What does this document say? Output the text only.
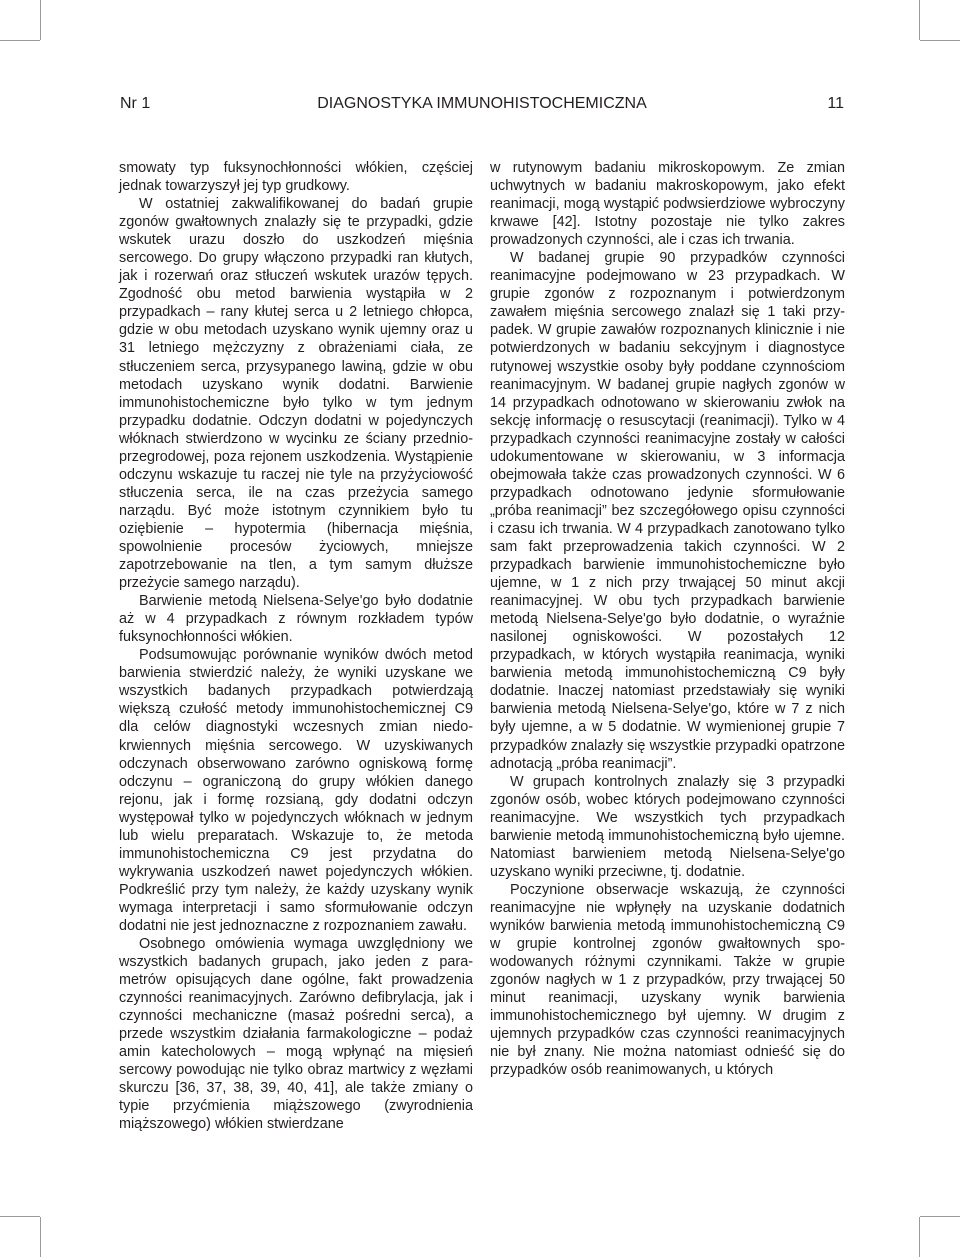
Nr 1	DIAGNOSTYKA IMMUNOHISTOCHEMICZNA	11

smowaty typ fuksynochłonności włókien, częściej jednak towarzyszył jej typ grudkowy.

W ostatniej zakwalifikowanej do badań grupie zgonów gwałtownych znalazły się te przypadki, gdzie wskutek urazu doszło do uszkodzeń mięśnia sercowego. Do grupy włączono przypadki ran kłutych, jak i rozerwań oraz stłuczeń wskutek urazów tępych. Zgodność obu metod barwienia wystąpiła w 2 przypadkach – rany kłutej serca u 2 letniego chłopca, gdzie w obu metodach uzyskano wynik ujemny oraz u 31 letniego mężczyzny z obrażeniami ciała, ze stłuczeniem serca, przysypanego lawiną, gdzie w obu metodach uzyskano wynik dodatni. Barwienie immunohistochemiczne było tylko w tym jednym przypadku dodatnie. Odczyn dodatni w pojedynczych włóknach stwierdzono w wycinku ze ściany przednio-przegrodowej, poza rejonem uszkodzenia. Wystąpienie odczynu wskazuje tu raczej nie tyle na przyżyciowość stłuczenia serca, ile na czas przeżycia samego narządu. Być może istotnym czynnikiem było tu oziębienie – hypotermia (hibernacja mięśnia, spowolnienie procesów życiowych, mniejsze zapotrzebowanie na tlen, a tym samym dłuższe przeżycie samego narządu).

Barwienie metodą Nielsena-Selye'go było dodatnie aż w 4 przypadkach z równym rozkładem typów fuksynochłonności włókien.

Podsumowując porównanie wyników dwóch metod barwienia stwierdzić należy, że wyniki uzyskane we wszystkich badanych przypadkach potwierdzają większą czułość metody immunohistochemicznej C9 dla celów diagnostyki wczesnych zmian niedokrwiennych mięśnia sercowego. W uzyskiwanych odczynach obserwowano zarówno ogniskową formę odczynu – ograniczoną do grupy włókien danego rejonu, jak i formę rozsianą, gdy dodatni odczyn występował tylko w pojedynczych włóknach w jednym lub wielu preparatach. Wskazuje to, że metoda immunohistochemiczna C9 jest przydatna do wykrywania uszkodzeń nawet pojedynczych włókien. Podkreślić przy tym należy, że każdy uzyskany wynik wymaga interpretacji i samo sformułowanie odczyn dodatni nie jest jednoznaczne z rozpoznaniem zawału.

Osobnego omówienia wymaga uwzględniony we wszystkich badanych grupach, jako jeden z parametrów opisujących dane ogólne, fakt prowadzenia czynności reanimacyjnych. Zarówno defibrylacja, jak i czynności mechaniczne (masaż pośredni serca), a przede wszystkim działania farmakologiczne – podaż amin katecholowych – mogą wpłynąć na mięsień sercowy powodując nie tylko obraz martwicy z węzłami skurczu [36, 37, 38, 39, 40, 41], ale także zmiany o typie przyćmienia miąższowego (zwyrodnienia miąższowego) włókien stwierdzane

w rutynowym badaniu mikroskopowym. Ze zmian uchwytnych w badaniu makroskopowym, jako efekt reanimacji, mogą wystąpić podwsierdziowe wybroczyny krwawe [42]. Istotny pozostaje nie tylko zakres prowadzonych czynności, ale i czas ich trwania.

W badanej grupie 90 przypadków czynności reanimacyjne podejmowano w 23 przypadkach. W grupie zgonów z rozpoznanym i potwierdzonym zawałem mięśnia sercowego znalazł się 1 taki przypadek. W grupie zawałów rozpoznanych klinicznie i nie potwierdzonych w badaniu sekcyjnym i diagnostyce rutynowej wszystkie osoby były poddane czynnościom reanimacyjnym. W badanej grupie nagłych zgonów w 14 przypadkach odnotowano w skierowaniu zwłok na sekcję informację o resuscytacji (reanimacji). Tylko w 4 przypadkach czynności reanimacyjne zostały w całości udokumentowane w skierowaniu, w 3 informacja obejmowała także czas prowadzonych czynności. W 6 przypadkach odnotowano jedynie sformułowanie „próba reanimacji” bez szczegółowego opisu czynności i czasu ich trwania. W 4 przypadkach zanotowano tylko sam fakt przeprowadzenia takich czynności. W 2 przypadkach barwienie immunohistochemiczne było ujemne, w 1 z nich przy trwającej 50 minut akcji reanimacyjnej. W obu tych przypadkach barwienie metodą Nielsena-Selye'go było dodatnie, o wyraźnie nasilonej ogniskowości. W pozostałych 12 przypadkach, w których wystąpiła reanimacja, wyniki barwienia metodą immunohistochemiczną C9 były dodatnie. Inaczej natomiast przedstawiały się wyniki barwienia metodą Nielsena-Selye'go, które w 7 z nich były ujemne, a w 5 dodatnie. W wymienionej grupie 7 przypadków znalazły się wszystkie przypadki opatrzone adnotacją „próba reanimacji”.

W grupach kontrolnych znalazły się 3 przypadki zgonów osób, wobec których podejmowano czynności reanimacyjne. We wszystkich tych przypadkach barwienie metodą immunohistochemiczną było ujemne. Natomiast barwieniem metodą Nielsena-Selye'go uzyskano wyniki przeciwne, tj. dodatnie.

Poczynione obserwacje wskazują, że czynności reanimacyjne nie wpłynęły na uzyskanie dodatnich wyników barwienia metodą immunohistochemiczną C9 w grupie kontrolnej zgonów gwałtownych spowodowanych różnymi czynnikami. Także w grupie zgonów nagłych w 1 z przypadków, przy trwającej 50 minut reanimacji, uzyskany wynik barwienia immunohistochemicznego był ujemny. W drugim z ujemnych przypadków czas czynności reanimacyjnych nie był znany. Nie można natomiast odnieść się do przypadków osób reanimowanych, u których
